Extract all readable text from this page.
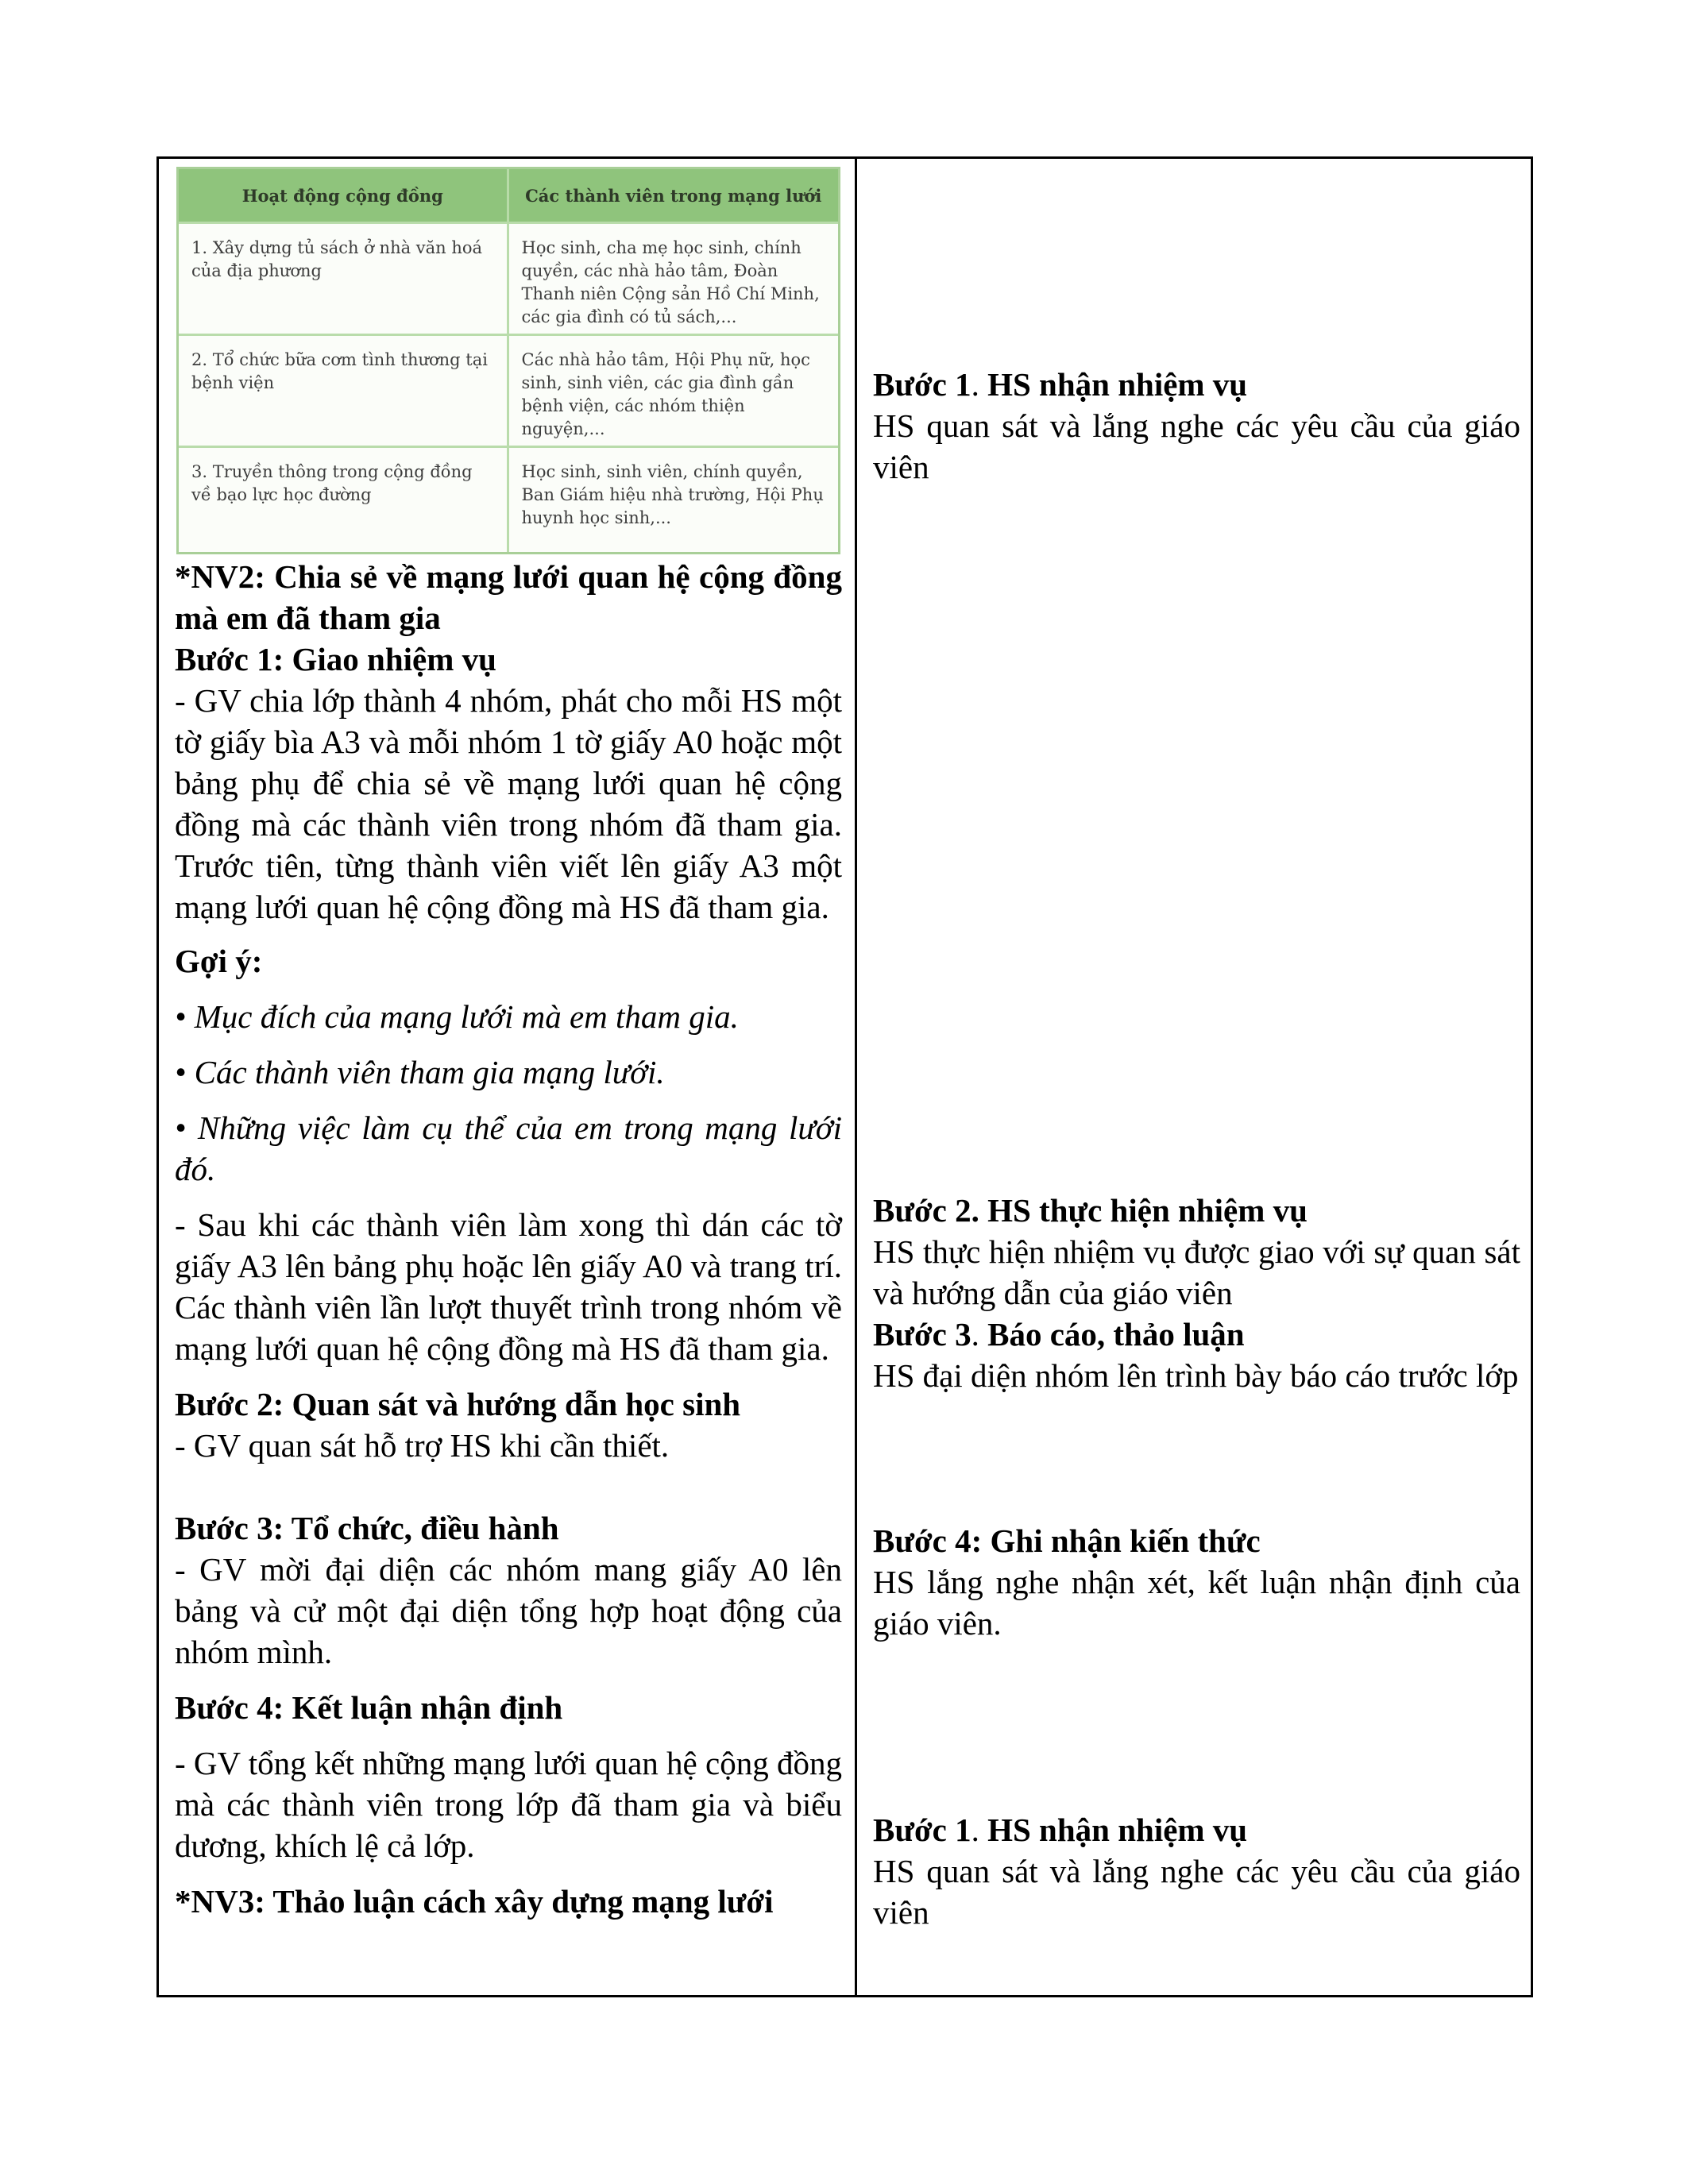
Hoạt động cộng đồng	Các thành viên trong mạng lưới
1. Xây dựng tủ sách ở nhà văn hoá của địa phương	Học sinh, cha mẹ học sinh, chính quyền, các nhà hảo tâm, Đoàn Thanh niên Cộng sản Hồ Chí Minh, các gia đình có tủ sách,...
2. Tổ chức bữa cơm tình thương tại bệnh viện	Các nhà hảo tâm, Hội Phụ nữ, học sinh, sinh viên, các gia đình gần bệnh viện, các nhóm thiện nguyện,...
3. Truyền thông trong cộng đồng về bạo lực học đường	Học sinh, sinh viên, chính quyền, Ban Giám hiệu nhà trường, Hội Phụ huynh học sinh,...
*NV2: Chia sẻ về mạng lưới quan hệ cộng đồng mà em đã tham gia
Bước 1: Giao nhiệm vụ
- GV chia lớp thành 4 nhóm, phát cho mỗi HS một tờ giấy bìa A3 và mỗi nhóm 1 tờ giấy A0 hoặc một bảng phụ để chia sẻ về mạng lưới quan hệ cộng đồng mà các thành viên trong nhóm đã tham gia. Trước tiên, từng thành viên viết lên giấy A3 một mạng lưới quan hệ cộng đồng mà HS đã tham gia.
Gợi ý:
• Mục đích của mạng lưới mà em tham gia.
• Các thành viên tham gia mạng lưới.
• Những việc làm cụ thể của em trong mạng lưới đó.
- Sau khi các thành viên làm xong thì dán các tờ giấy A3 lên bảng phụ hoặc lên giấy A0 và trang trí. Các thành viên lần lượt thuyết trình trong nhóm về mạng lưới quan hệ cộng đồng mà HS đã tham gia.
Bước 2: Quan sát và hướng dẫn học sinh
- GV quan sát hỗ trợ HS khi cần thiết.
Bước 3: Tổ chức, điều hành
- GV mời đại diện các nhóm mang giấy A0 lên bảng và cử một đại diện tổng hợp hoạt động của nhóm mình.
Bước 4: Kết luận nhận định
- GV tổng kết những mạng lưới quan hệ cộng đồng mà các thành viên trong lớp đã tham gia và biểu dương, khích lệ cả lớp.
*NV3: Thảo luận cách xây dựng mạng lưới
Bước 1. HS nhận nhiệm vụ
HS quan sát và lắng nghe các yêu cầu của giáo viên
Bước 2. HS thực hiện nhiệm vụ
HS thực hiện nhiệm vụ được giao với sự quan sát và hướng dẫn của giáo viên
Bước 3. Báo cáo, thảo luận
HS đại diện nhóm lên trình bày báo cáo trước lớp
Bước 4: Ghi nhận kiến thức
HS lắng nghe nhận xét, kết luận nhận định của giáo viên.
Bước 1. HS nhận nhiệm vụ
HS quan sát và lắng nghe các yêu cầu của giáo viên
